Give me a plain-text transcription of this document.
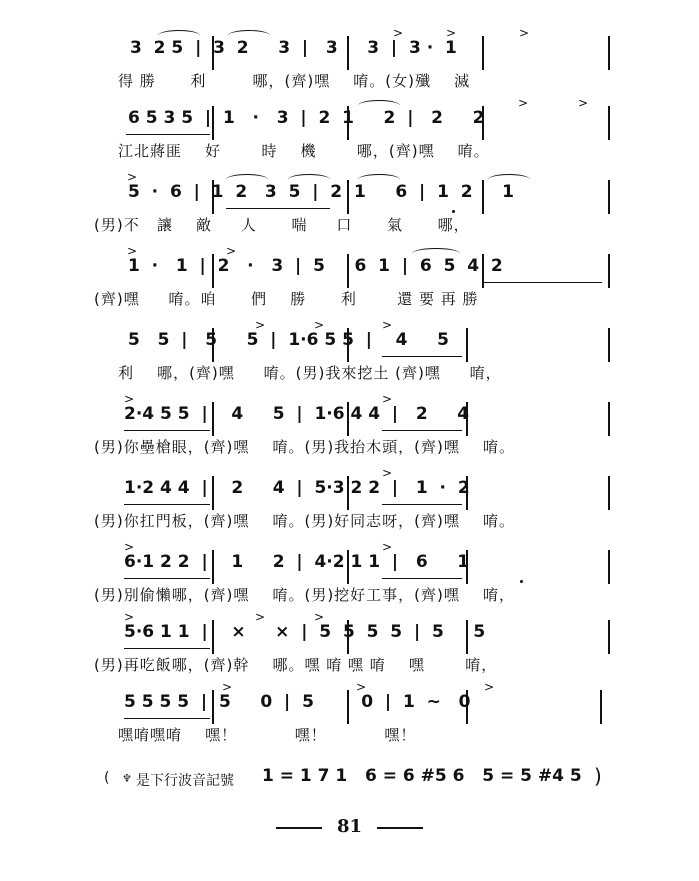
>	>	>
3  2 5  |  3  2     3  |   3     3  |  3 ·  1
得 勝      利        哪，(齊)嘿    唷。(女)殲    滅
>	>
6 5 3 5  |  1   ·   3  |  2  1     2  |   2     2
江北蔣匪    好       時    機       哪，(齊)嘿    唷。
>
5  ·  6  |  1  2   3  5  |  2  1     6  |  1  2     1
(男)不   讓    敵     人      喘     口      氣      哪，
>	>
1  ·   1  |  2   ·   3  |  5     6  1  |  6  5  4  2
(齊)嘿     唷。咱      們    勝      利       還 要 再 勝
>	>	>
5   5  |   5     5  |  1·6 5 5  |    4     5
利    哪，(齊)嘿     唷。(男)我來挖土 (齊)嘿     唷，
>	>
2·4 5 5  |    4     5  |  1·6 4 4  |   2     4
(男)你壘槍眼，(齊)嘿    唷。(男)我抬木頭，(齊)嘿    唷。
>
1·2 4 4  |    2     4  |  5·3 2 2  |   1  ·  2
(男)你扛門板，(齊)嘿    唷。(男)好同志呀，(齊)嘿    唷。
>	>
6·1 2 2  |    1     2  |  4·2 1 1  |   6     1
(男)別偷懶哪，(齊)嘿    唷。(男)挖好工事，(齊)嘿    唷，
>	>	>
5·6 1 1  |    ×     ×  |  5  5  5  5  |  5     5
(男)再吃飯哪，(齊)幹    哪。嘿 唷 嘿 唷    嘿       唷，
>	>	>
5 5 5 5  |  5     0  |  5        0  |  1  ~   0
嘿唷嘿唷    嘿！          嘿！          嘿！
( ♆ 是下行波音記號 1 = 1 7 1   6 = 6 #5 6   5 = 5 #4 5 )
81
